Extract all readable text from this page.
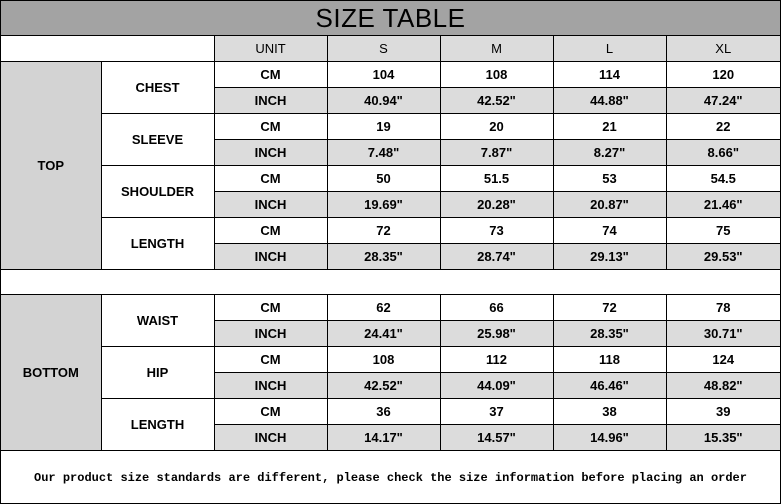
SIZE TABLE
		UNIT	S	M	L	XL
TOP	CHEST	CM	104	108	114	120
		INCH	40.94"	42.52"	44.88"	47.24"
	SLEEVE	CM	19	20	21	22
		INCH	7.48"	7.87"	8.27"	8.66"
	SHOULDER	CM	50	51.5	53	54.5
		INCH	19.69"	20.28"	20.87"	21.46"
	LENGTH	CM	72	73	74	75
		INCH	28.35"	28.74"	29.13"	29.53"

BOTTOM	WAIST	CM	62	66	72	78
		INCH	24.41"	25.98"	28.35"	30.71"
	HIP	CM	108	112	118	124
		INCH	42.52"	44.09"	46.46"	48.82"
	LENGTH	CM	36	37	38	39
		INCH	14.17"	14.57"	14.96"	15.35"
Our product size standards are different, please check the size information before placing an order
